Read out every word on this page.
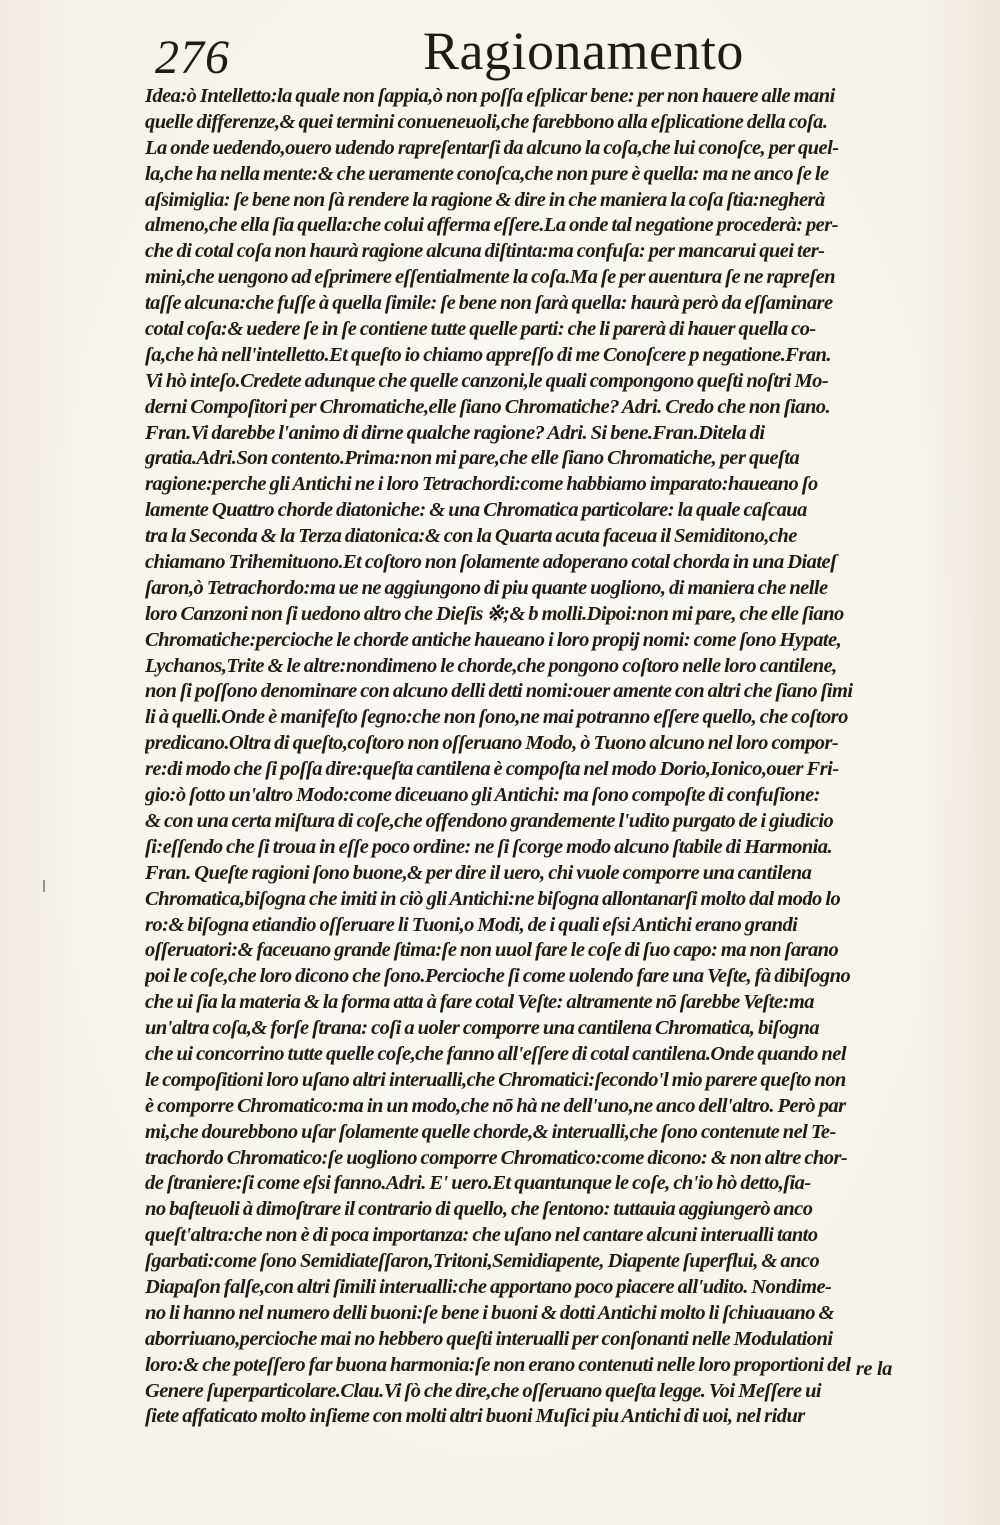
276	Ragionamento
Idea:ò Intelletto:la quale non ſappia,ò non poſſa eſplicar bene: per non hauere alle mani
quelle differenze,& quei termini conueneuoli,che farebbono alla eſplicatione della coſa.
La onde uedendo,ouero udendo rapreſentarſi da alcuno la coſa,che lui conoſce, per quel-
la,che ha nella mente:& che ueramente conoſca,che non pure è quella: ma ne anco ſe le
aſsimiglia: ſe bene non ſà rendere la ragione & dire in che maniera la coſa ſtia:negherà
almeno,che ella ſia quella:che colui afferma eſſere.La onde tal negatione procederà: per-
che di cotal coſa non haurà ragione alcuna diſtinta:ma confuſa: per mancarui quei ter-
mini,che uengono ad eſprimere eſſentialmente la coſa.Ma ſe per auentura ſe ne rapreſen
taſſe alcuna:che fuſſe à quella ſimile: ſe bene non ſarà quella: haurà però da eſſaminare
cotal coſa:& uedere ſe in ſe contiene tutte quelle parti: che li parerà di hauer quella co-
ſa,che hà nell'intelletto.Et queſto io chiamo appreſſo di me Conoſcere p negatione.Fran.
Vi hò inteſo.Credete adunque che quelle canzoni,le quali compongono queſti noſtri Mo-
derni Compoſitori per Chromatiche,elle ſiano Chromatiche? Adri. Credo che non ſiano.
Fran.Vi darebbe l'animo di dirne qualche ragione? Adri. Si bene.Fran.Ditela di
gratia.Adri.Son contento.Prima:non mi pare,che elle ſiano Chromatiche, per queſta
ragione:perche gli Antichi ne i loro Tetrachordi:come habbiamo imparato:haueano ſo
lamente Quattro chorde diatoniche: & una Chromatica particolare: la quale caſcaua
tra la Seconda & la Terza diatonica:& con la Quarta acuta faceua il Semiditono,che
chiamano Trihemituono.Et coſtoro non ſolamente adoperano cotal chorda in una Diateſ
ſaron,ò Tetrachordo:ma ue ne aggiungono di piu quante uogliono, di maniera che nelle
loro Canzoni non ſi uedono altro che Dieſis ※;& b molli.Dipoi:non mi pare, che elle ſiano
Chromatiche:percioche le chorde antiche haueano i loro propij nomi: come ſono Hypate,
Lychanos,Trite & le altre:nondimeno le chorde,che pongono coſtoro nelle loro cantilene,
non ſi poſſono denominare con alcuno delli detti nomi:ouer amente con altri che ſiano ſimi
li à quelli.Onde è manifeſto ſegno:che non ſono,ne mai potranno eſſere quello, che coſtoro
predicano.Oltra di queſto,coſtoro non oſſeruano Modo, ò Tuono alcuno nel loro compor-
re:di modo che ſi poſſa dire:queſta cantilena è compoſta nel modo Dorio,Ionico,ouer Fri-
gio:ò ſotto un'altro Modo:come diceuano gli Antichi: ma ſono compoſte di confuſione:
& con una certa miſtura di coſe,che offendono grandemente l'udito purgato de i giudicio
ſi:eſſendo che ſi troua in eſſe poco ordine: ne ſi ſcorge modo alcuno ſtabile di Harmonia.
Fran. Queſte ragioni ſono buone,& per dire il uero, chi vuole comporre una cantilena
Chromatica,biſogna che imiti in ciò gli Antichi:ne biſogna allontanarſi molto dal modo lo
ro:& biſogna etiandio oſſeruare li Tuoni,o Modi, de i quali eſsi Antichi erano grandi
oſſeruatori:& faceuano grande ſtima:ſe non uuol fare le coſe di ſuo capo: ma non ſarano
poi le coſe,che loro dicono che ſono.Percioche ſi come uolendo fare una Veſte, fà dibiſogno
che ui ſia la materia & la forma atta à fare cotal Veſte: altramente nō ſarebbe Veſte:ma
un'altra coſa,& forſe ſtrana: coſi a uoler comporre una cantilena Chromatica, biſogna
che ui concorrino tutte quelle coſe,che fanno all'eſſere di cotal cantilena.Onde quando nel
le compoſitioni loro uſano altri interualli,che Chromatici:ſecondo'l mio parere queſto non
è comporre Chromatico:ma in un modo,che nō hà ne dell'uno,ne anco dell'altro. Però par
mi,che dourebbono uſar ſolamente quelle chorde,& interualli,che ſono contenute nel Te-
trachordo Chromatico:ſe uogliono comporre Chromatico:come dicono: & non altre chor-
de ſtraniere:ſi come eſsi fanno.Adri. E' uero.Et quantunque le coſe, ch'io hò detto,ſia-
no baſteuoli à dimoſtrare il contrario di quello, che ſentono: tuttauia aggiungerò anco
queſt'altra:che non è di poca importanza: che uſano nel cantare alcuni interualli tanto
ſgarbati:come ſono Semidiateſſaron,Tritoni,Semidiapente, Diapente ſuperflui, & anco
Diapaſon falſe,con altri ſimili interualli:che apportano poco piacere all'udito. Nondime-
no li hanno nel numero delli buoni:ſe bene i buoni & dotti Antichi molto li ſchiuauano &
aborriuano,percioche mai no hebbero queſti interualli per conſonanti nelle Modulationi
loro:& che poteſſero far buona harmonia:ſe non erano contenuti nelle loro proportioni del
Genere ſuperparticolare.Clau.Vi ſò che dire,che oſſeruano queſta legge. Voi Meſſere ui
ſiete affaticato molto inſieme con molti altri buoni Muſici piu Antichi di uoi, nel ridur
re la
